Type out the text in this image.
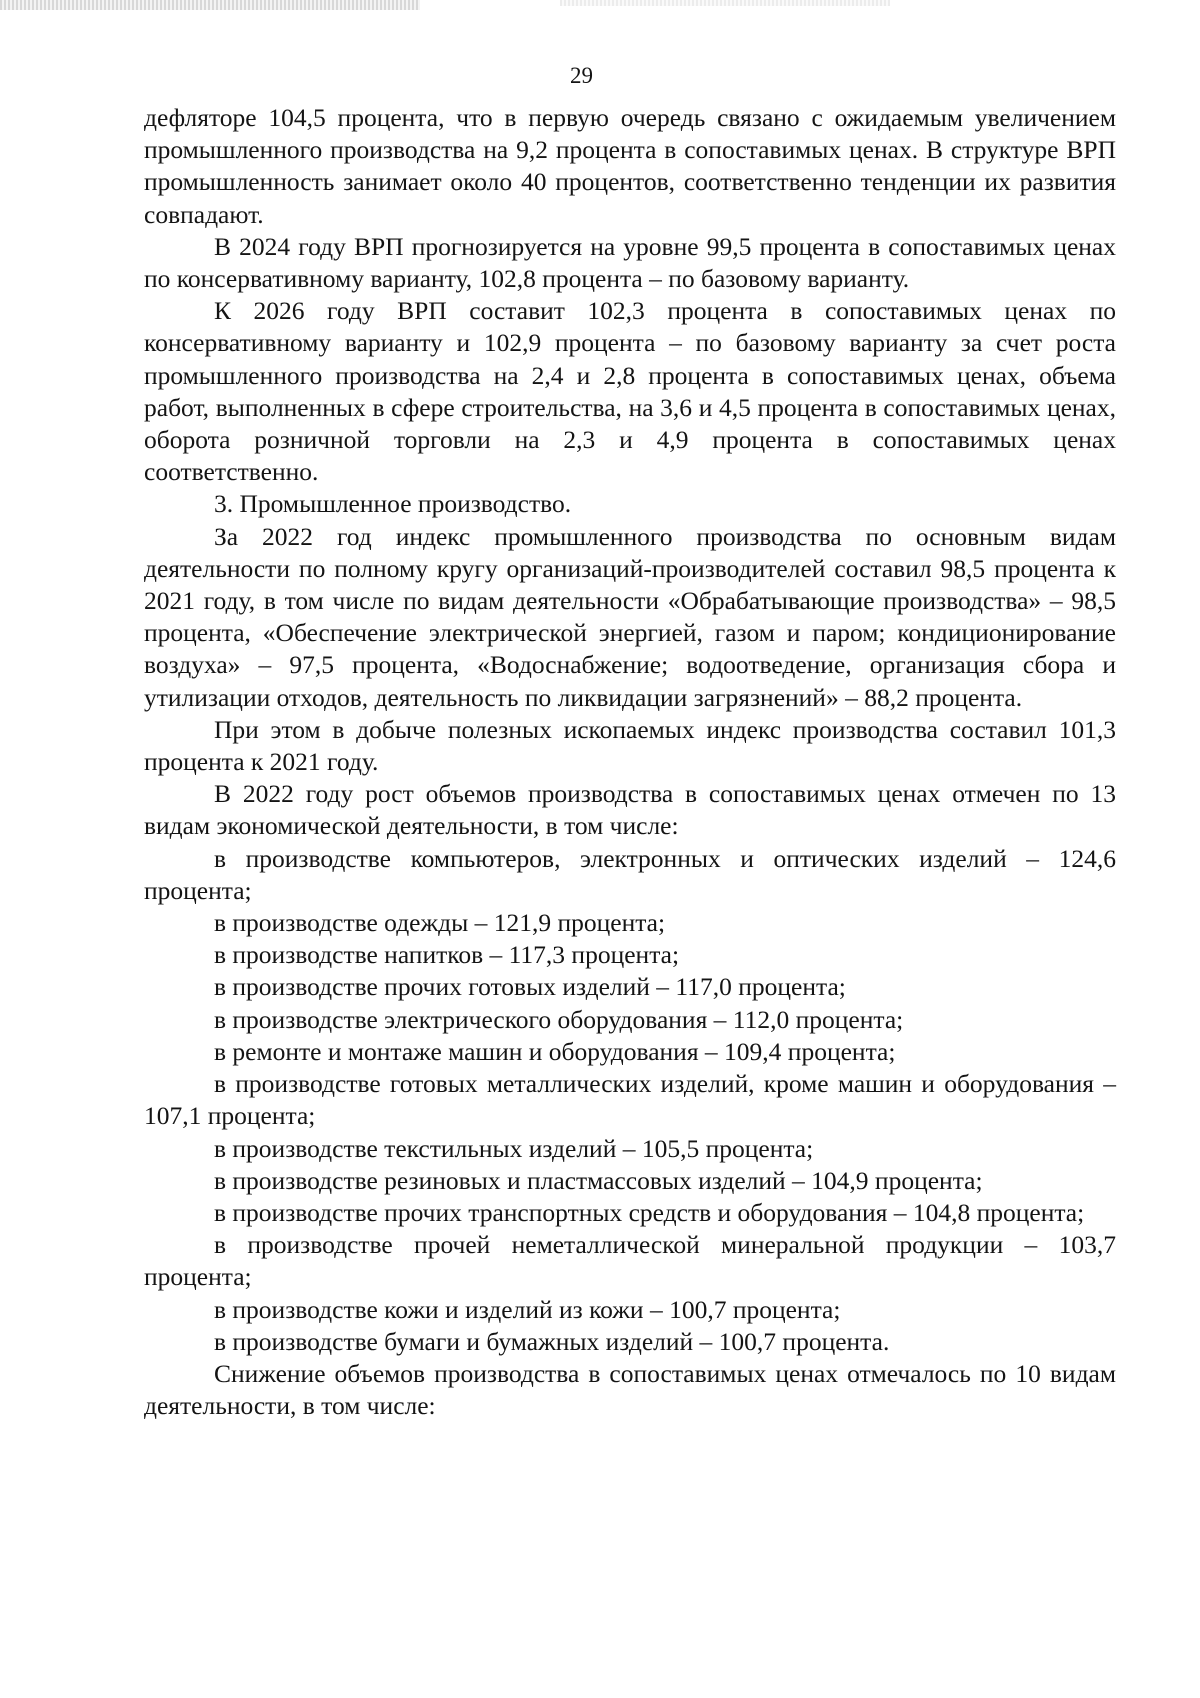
29

дефляторе 104,5 процента, что в первую очередь связано с ожидаемым увеличением промышленного производства на 9,2 процента в сопоставимых ценах. В структуре ВРП промышленность занимает около 40 процентов, соответственно тенденции их развития совпадают.

В 2024 году ВРП прогнозируется на уровне 99,5 процента в сопоставимых ценах по консервативному варианту, 102,8 процента – по базовому варианту.

К 2026 году ВРП составит 102,3 процента в сопоставимых ценах по консервативному варианту и 102,9 процента – по базовому варианту за счет роста промышленного производства на 2,4 и 2,8 процента в сопоставимых ценах, объема работ, выполненных в сфере строительства, на 3,6 и 4,5 процента в сопоставимых ценах, оборота розничной торговли на 2,3 и 4,9 процента в сопоставимых ценах соответственно.

3. Промышленное производство.

За 2022 год индекс промышленного производства по основным видам деятельности по полному кругу организаций-производителей составил 98,5 процента к 2021 году, в том числе по видам деятельности «Обрабатывающие производства» – 98,5 процента, «Обеспечение электрической энергией, газом и паром; кондиционирование воздуха» – 97,5 процента, «Водоснабжение; водоотведение, организация сбора и утилизации отходов, деятельность по ликвидации загрязнений» – 88,2 процента.

При этом в добыче полезных ископаемых индекс производства составил 101,3 процента к 2021 году.

В 2022 году рост объемов производства в сопоставимых ценах отмечен по 13 видам экономической деятельности, в том числе:

в производстве компьютеров, электронных и оптических изделий – 124,6 процента;

в производстве одежды – 121,9 процента;

в производстве напитков – 117,3 процента;

в производстве прочих готовых изделий – 117,0 процента;

в производстве электрического оборудования – 112,0 процента;

в ремонте и монтаже машин и оборудования – 109,4 процента;

в производстве готовых металлических изделий, кроме машин и оборудования – 107,1 процента;

в производстве текстильных изделий – 105,5 процента;

в производстве резиновых и пластмассовых изделий – 104,9 процента;

в производстве прочих транспортных средств и оборудования – 104,8 процента;

в производстве прочей неметаллической минеральной продукции – 103,7 процента;

в производстве кожи и изделий из кожи – 100,7 процента;

в производстве бумаги и бумажных изделий – 100,7 процента.

Снижение объемов производства в сопоставимых ценах отмечалось по 10 видам деятельности, в том числе:
